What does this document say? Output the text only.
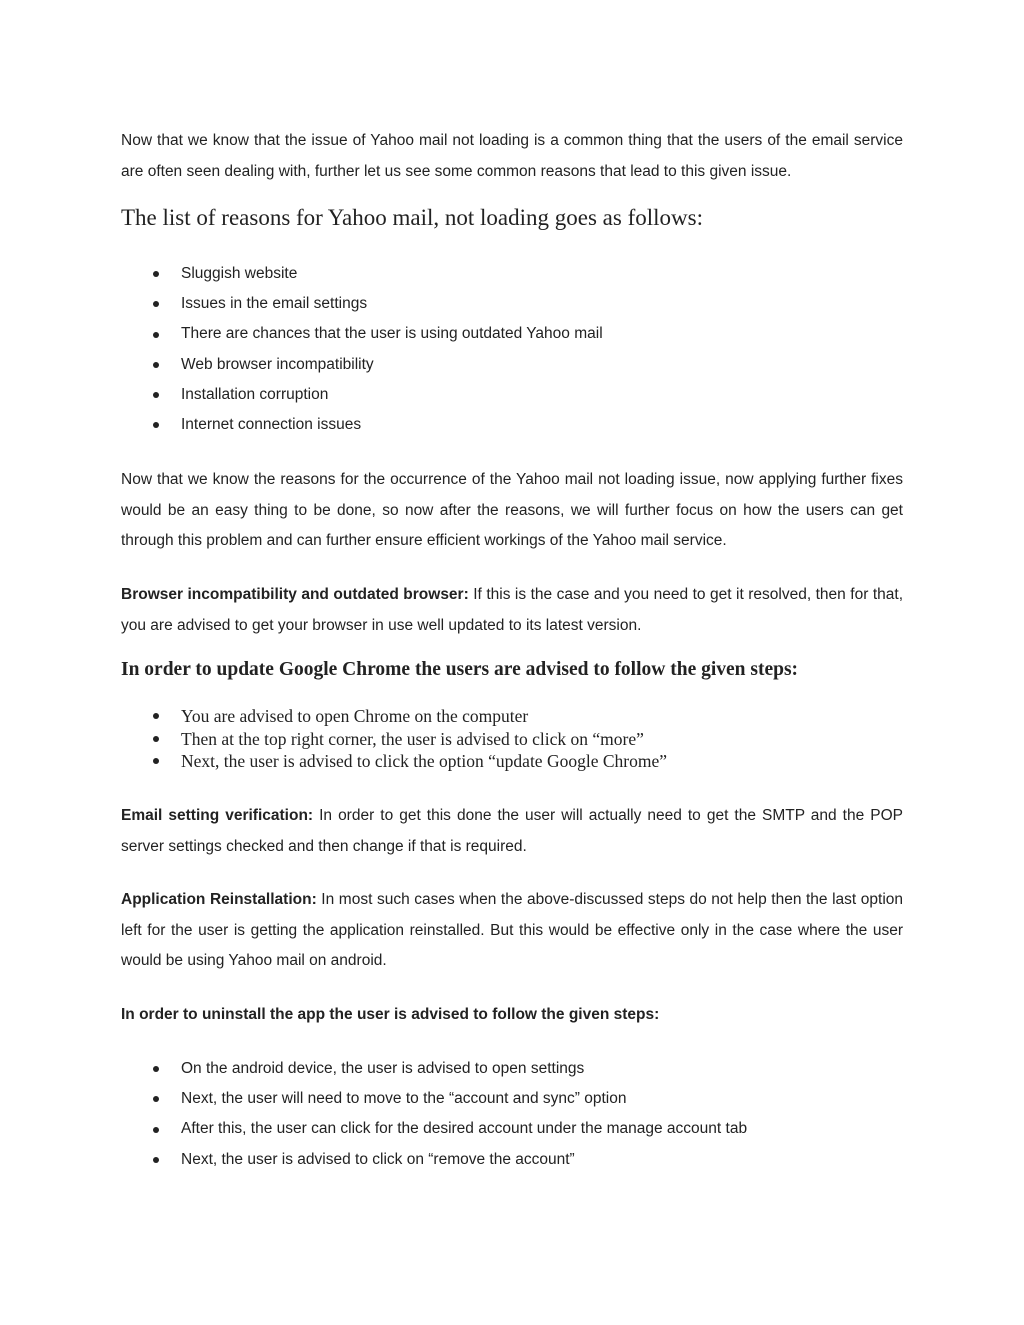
Now that we know that the issue of Yahoo mail not loading is a common thing that the users of the email service are often seen dealing with, further let us see some common reasons that lead to this given issue.

The list of reasons for Yahoo mail, not loading goes as follows:
Sluggish website
Issues in the email settings
There are chances that the user is using outdated Yahoo mail
Web browser incompatibility
Installation corruption
Internet connection issues

Now that we know the reasons for the occurrence of the Yahoo mail not loading issue, now applying further fixes would be an easy thing to be done, so now after the reasons, we will further focus on how the users can get through this problem and can further ensure efficient workings of the Yahoo mail service.

Browser incompatibility and outdated browser: If this is the case and you need to get it resolved, then for that, you are advised to get your browser in use well updated to its latest version.

In order to update Google Chrome the users are advised to follow the given steps:
You are advised to open Chrome on the computer
Then at the top right corner, the user is advised to click on “more”
Next, the user is advised to click the option “update Google Chrome”

Email setting verification: In order to get this done the user will actually need to get the SMTP and the POP server settings checked and then change if that is required.

Application Reinstallation: In most such cases when the above-discussed steps do not help then the last option left for the user is getting the application reinstalled. But this would be effective only in the case where the user would be using Yahoo mail on android.

In order to uninstall the app the user is advised to follow the given steps:

On the android device, the user is advised to open settings
Next, the user will need to move to the “account and sync” option
After this, the user can click for the desired account under the manage account tab
Next, the user is advised to click on “remove the account”
